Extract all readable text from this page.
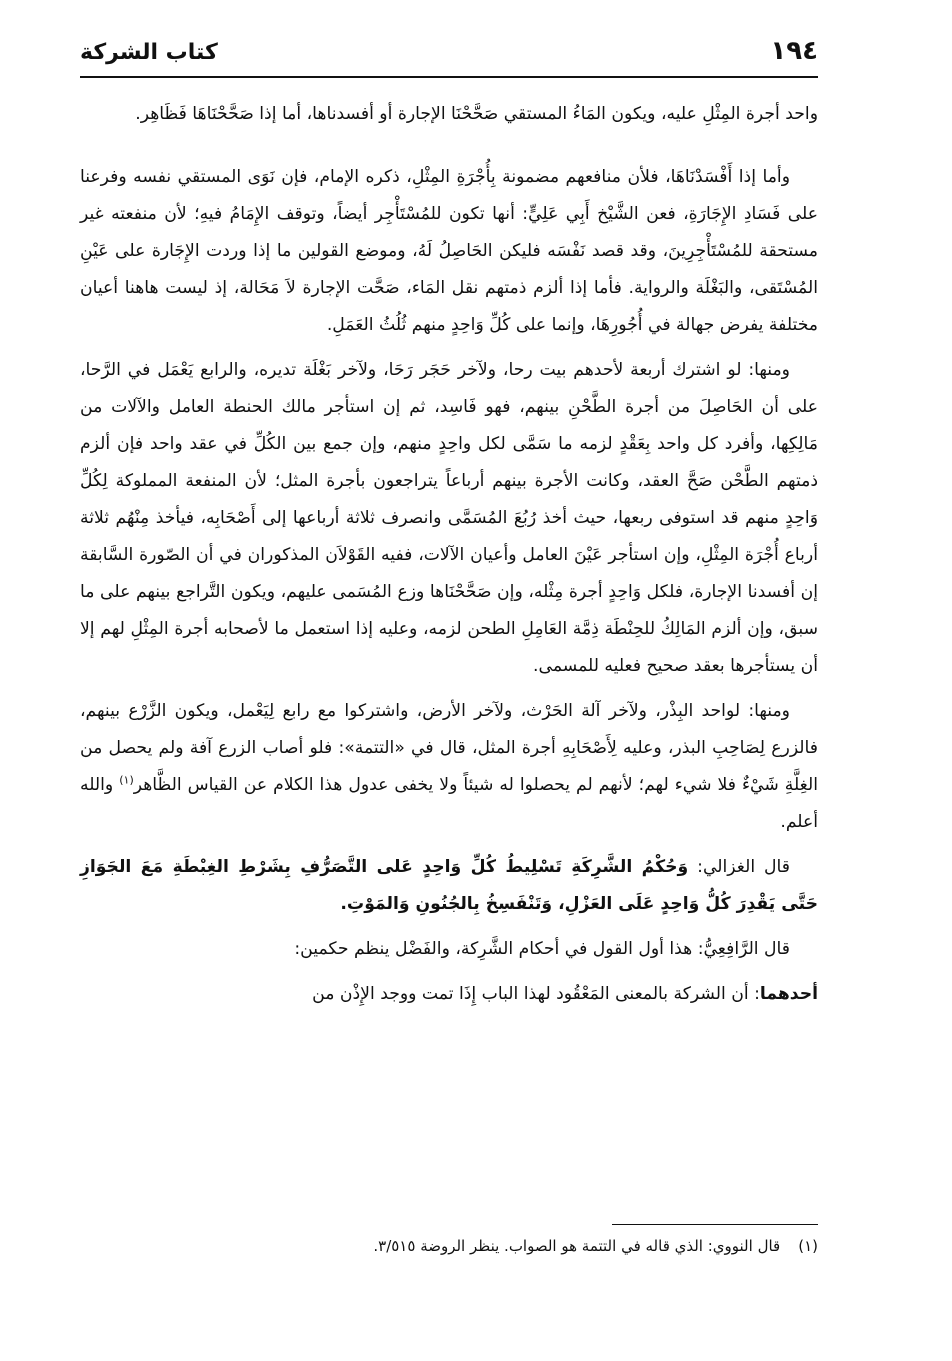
١٩٤
كتاب الشركة

واحد أجرة المِثْلِ عليه، ويكون المَاءُ المستقي صَحَّحْنَا الإجارة أو أفسدناها، أما إذا صَحَّحْنَاهَا فَظَاهِر.

وأما إذا أَفْسَدْنَاهَا، فلأن منافعهم مضمونة بِأُجْرَةِ المِثْلِ، ذكره الإمام، فإن نَوَى المستقي نفسه وفرعنا على فَسَادِ الإِجَارَةِ، فعن الشَّيْخ أَبِي عَلِيٍّ: أنها تكون للمُسْتَأْجِر أيضاً، وتوقف الإِمَامُ فيهِ؛ لأن منفعته غير مستحقة للمُسْتَأْجِرِينَ، وقد قصد نَفْسَه فليكن الحَاصِلُ لَهُ، وموضع القولين ما إذا وردت الإِجَارة على عَيْنِ المُسْتَقى، والبَغْلَة والرواية. فأما إذا ألزم ذمتهم نقل المَاء، صَحَّت الإجارة لاَ مَحَالة، إذ ليست هاهنا أعيان مختلفة يفرض جهالة في أُجُورِهَا، وإنما على كُلِّ وَاحِدٍ منهم ثُلُثُ العَمَلِ.

ومنها: لو اشترك أربعة لأحدهم بيت رحا، ولآخر حَجَر رَحَا، ولآخر بَغْلَة تديره، والرابع يَعْمَل في الرَّحا، على أن الحَاصِلَ من أجرة الطَّحْنِ بينهم، فهو فَاسِد، ثم إن استأجر مالك الحنطة العامل والآلات من مَالِكِها، وأفرد كل واحد بِعَقْدٍ لزمه ما سَمَّى لكل واحِدٍ منهم، وإن جمع بين الكُلِّ في عقد واحد فإن ألزم ذمتهم الطَّحْن صَحَّ العقد، وكانت الأجرة بينهم أرباعاً يتراجعون بأجرة المثل؛ لأن المنفعة المملوكة لِكُلِّ وَاحِدٍ منهم قد استوفى ربعها، حيث أخذ رُبُعَ المُسَمَّى وانصرف ثلاثة أرباعها إلى أَصْحَابِه، فيأخذ مِنْهُم ثلاثة أرباع أُجْرَة المِثْلِ، وإن استأجر عَيْنَ العامل وأعيان الآلات، ففيه القَوْلاَن المذكوران في أن الصّورة السَّابقة إن أفسدنا الإجارة، فلكل وَاحِدٍ أجرة مِثْله، وإن صَحَّحْنَاها وزع المُسَمى عليهم، ويكون التَّراجع بينهم على ما سبق، وإن ألزم المَالِكُ للحِنْطَة ذِمَّة العَامِلِ الطحن لزمه، وعليه إذا استعمل ما لأصحابه أجرة المِثْلِ لهم إلا أن يستأجرها بعقد صحيح فعليه للمسمى.

ومنها: لواحد البِذْر، ولآخر آلة الحَرْث، ولآخر الأرض، واشتركوا مع رابع لِيَعْمل، ويكون الزَّرْع بينهم، فالزرع لِصَاحِبِ البذر، وعليه لِأَصْحَابِهِ أجرة المثل، قال في «التتمة»: فلو أصاب الزرع آفة ولم يحصل من الغِلَّةِ شَيْءٌ فلا شيء لهم؛ لأنهم لم يحصلوا له شيئاً ولا يخفى عدول هذا الكلام عن القياس الظَّاهر$^{(١)}$ والله أعلم.

قال الغزالي: وَحُكْمُ الشَّرِكَةِ تَسْلِيطُ كُلِّ وَاحِدٍ عَلى التَّصَرُّفِ بِشَرْطِ الغِبْطَةِ مَعَ الجَوَازِ حَتَّى يَقْدِرَ كُلُّ وَاحِدٍ عَلَى العَزْلِ، وَتَنْفَسِخُ بِالجُنُونِ وَالمَوْتِ.

قال الرَّافِعِيُّ: هذا أول القول في أحكام الشَّرِكة، والفَضْل ينظم حكمين:

أحدهما: أن الشركة بالمعنى المَعْقُود لهذا الباب إِذَا تمت ووجد الإِذْن من

(١)قال النووي: الذي قاله في التتمة هو الصواب. ينظر الروضة ٣/٥١٥.
